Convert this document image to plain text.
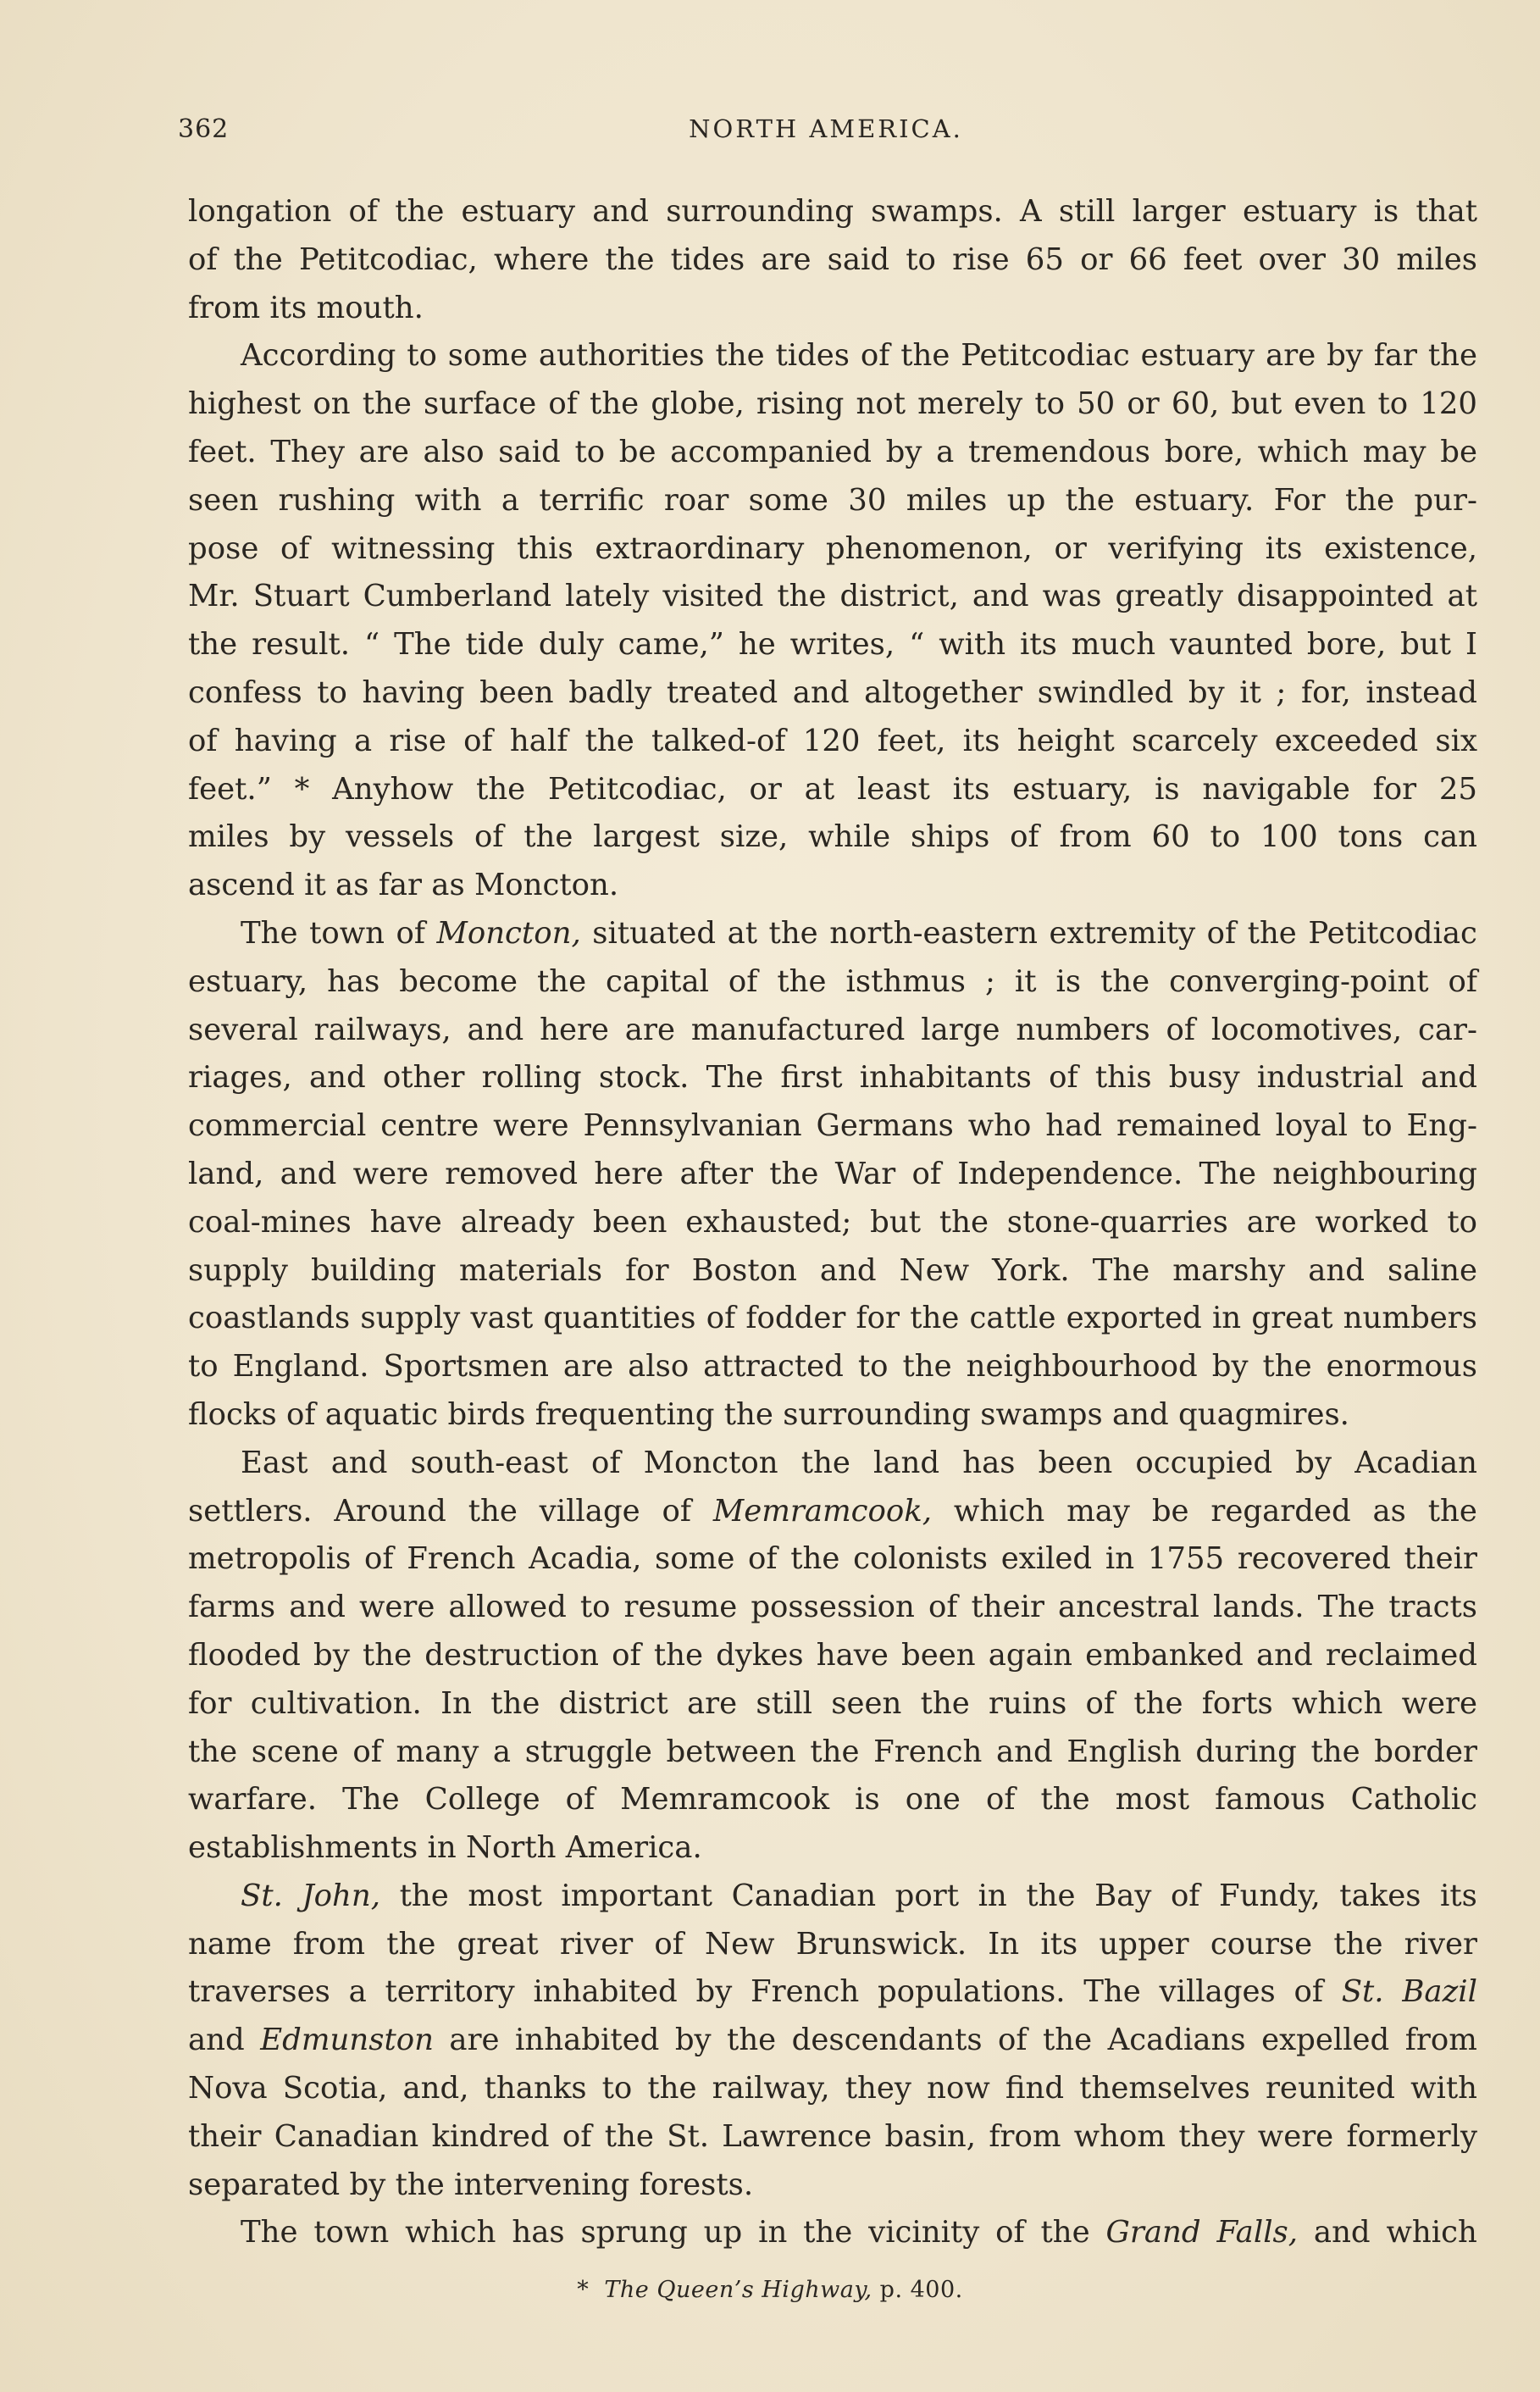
362	NORTH AMERICA.
longation of the estuary and surrounding swamps. A still larger estuary is that
of the Petitcodiac, where the tides are said to rise 65 or 66 feet over 30 miles
from its mouth.
According to some authorities the tides of the Petitcodiac estuary are by far the
highest on the surface of the globe, rising not merely to 50 or 60, but even to 120
feet. They are also said to be accompanied by a tremendous bore, which may be
seen rushing with a terrific roar some 30 miles up the estuary. For the pur-
pose of witnessing this extraordinary phenomenon, or verifying its existence,
Mr. Stuart Cumberland lately visited the district, and was greatly disappointed at
the result. “ The tide duly came,” he writes, “ with its much vaunted bore, but I
confess to having been badly treated and altogether swindled by it ; for, instead
of having a rise of half the talked-of 120 feet, its height scarcely exceeded six
feet.” * Anyhow the Petitcodiac, or at least its estuary, is navigable for 25
miles by vessels of the largest size, while ships of from 60 to 100 tons can
ascend it as far as Moncton.
The town of Moncton, situated at the north-eastern extremity of the Petitcodiac
estuary, has become the capital of the isthmus ; it is the converging-point of
several railways, and here are manufactured large numbers of locomotives, car-
riages, and other rolling stock. The first inhabitants of this busy industrial and
commercial centre were Pennsylvanian Germans who had remained loyal to Eng-
land, and were removed here after the War of Independence. The neighbouring
coal-mines have already been exhausted; but the stone-quarries are worked to
supply building materials for Boston and New York. The marshy and saline
coastlands supply vast quantities of fodder for the cattle exported in great numbers
to England. Sportsmen are also attracted to the neighbourhood by the enormous
flocks of aquatic birds frequenting the surrounding swamps and quagmires.
East and south-east of Moncton the land has been occupied by Acadian
settlers. Around the village of Memramcook, which may be regarded as the
metropolis of French Acadia, some of the colonists exiled in 1755 recovered their
farms and were allowed to resume possession of their ancestral lands. The tracts
flooded by the destruction of the dykes have been again embanked and reclaimed
for cultivation. In the district are still seen the ruins of the forts which were
the scene of many a struggle between the French and English during the border
warfare. The College of Memramcook is one of the most famous Catholic
establishments in North America.
St. John, the most important Canadian port in the Bay of Fundy, takes its
name from the great river of New Brunswick. In its upper course the river
traverses a territory inhabited by French populations. The villages of St. Bazil
and Edmunston are inhabited by the descendants of the Acadians expelled from
Nova Scotia, and, thanks to the railway, they now find themselves reunited with
their Canadian kindred of the St. Lawrence basin, from whom they were formerly
separated by the intervening forests.
The town which has sprung up in the vicinity of the Grand Falls, and which
* The Queen’s Highway, p. 400.
